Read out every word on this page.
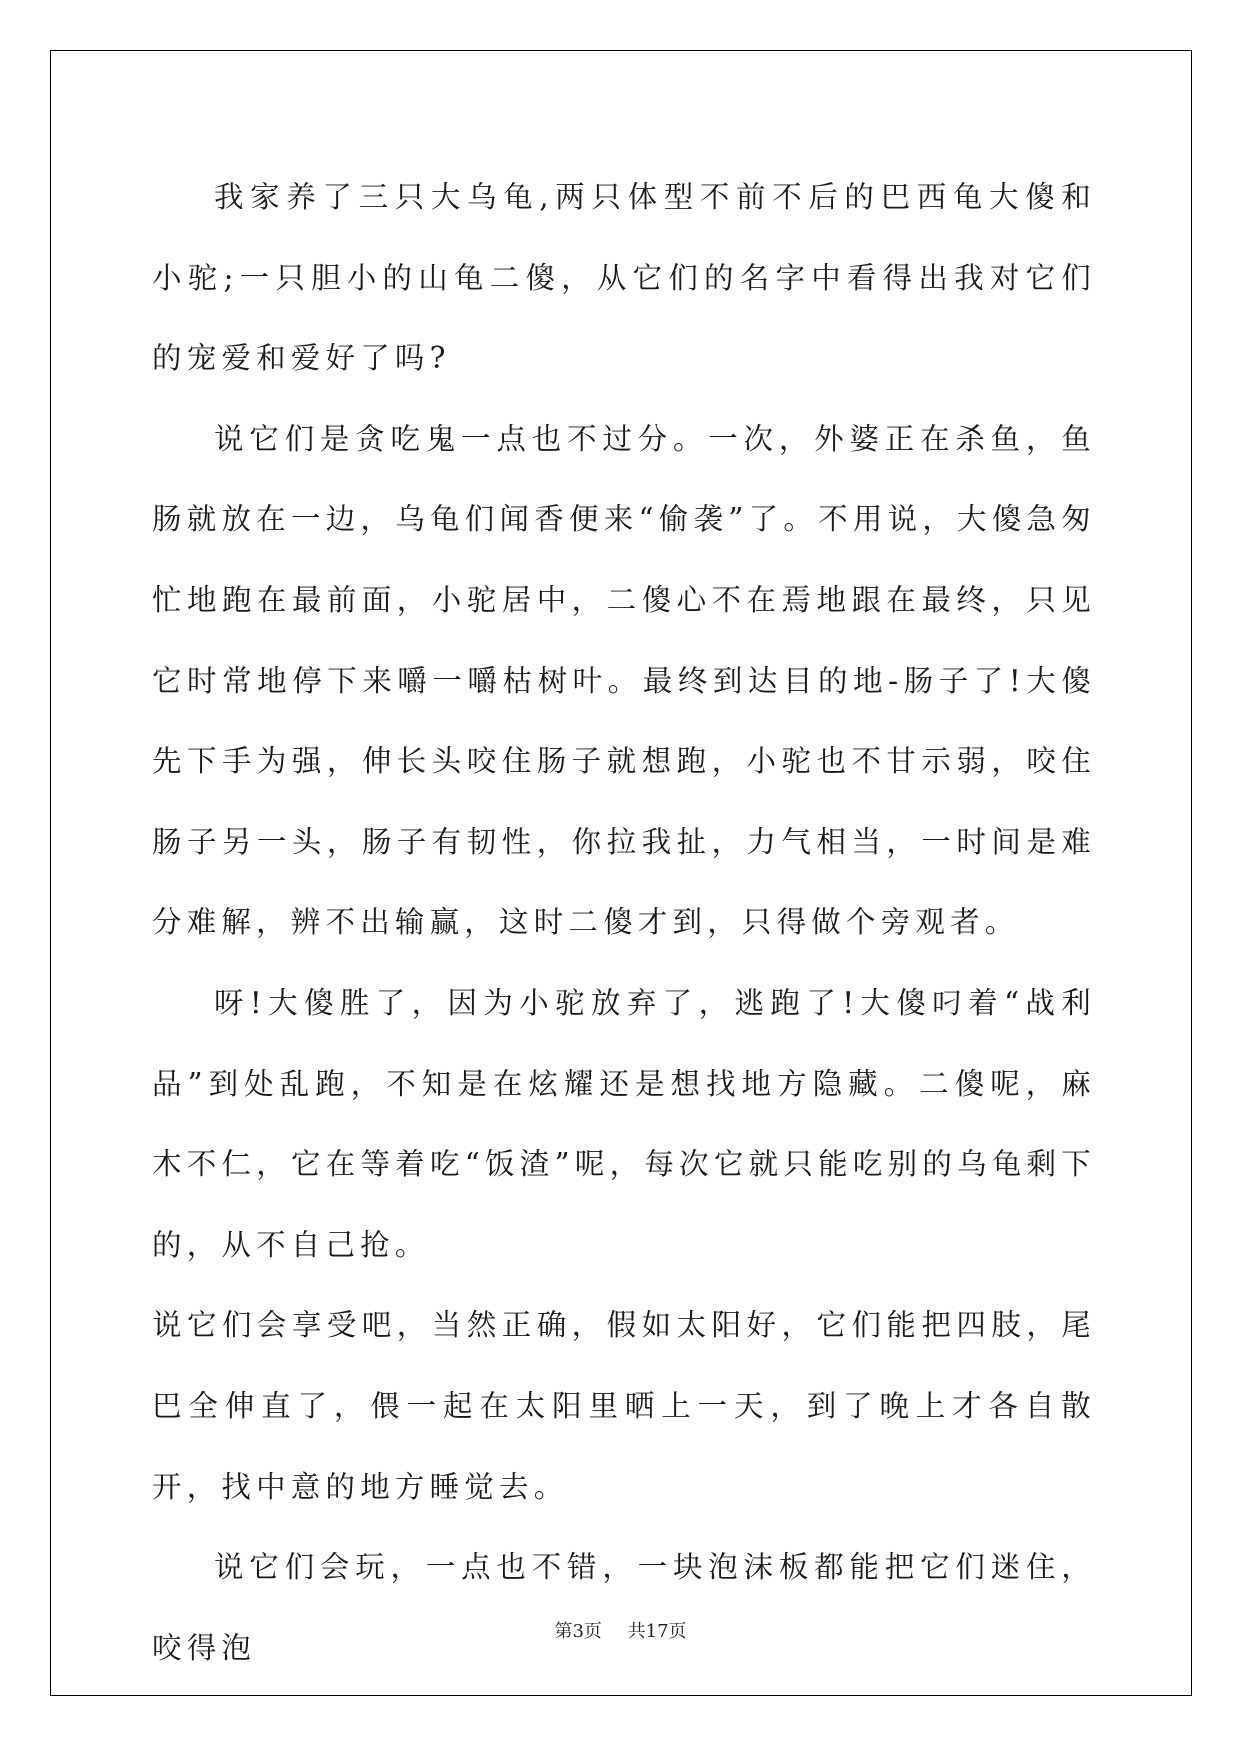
我家养了三只大乌龟,两只体型不前不后的巴西龟大傻和小驼;一只胆小的山龟二傻，从它们的名字中看得出我对它们的宠爱和爱好了吗?

说它们是贪吃鬼一点也不过分。一次，外婆正在杀鱼，鱼肠就放在一边，乌龟们闻香便来“偷袭”了。不用说，大傻急匆忙地跑在最前面，小驼居中，二傻心不在焉地跟在最终，只见它时常地停下来嚼一嚼枯树叶。最终到达目的地-肠子了!大傻先下手为强，伸长头咬住肠子就想跑，小驼也不甘示弱，咬住肠子另一头，肠子有韧性，你拉我扯，力气相当，一时间是难分难解，辨不出输赢，这时二傻才到，只得做个旁观者。

呀!大傻胜了，因为小驼放弃了，逃跑了!大傻叼着“战利品”到处乱跑，不知是在炫耀还是想找地方隐藏。二傻呢，麻木不仁，它在等着吃“饭渣”呢，每次它就只能吃别的乌龟剩下的，从不自己抢。

说它们会享受吧，当然正确，假如太阳好，它们能把四肢，尾巴全伸直了，偎一起在太阳里晒上一天，到了晚上才各自散开，找中意的地方睡觉去。

说它们会玩，一点也不错，一块泡沫板都能把它们迷住，咬得泡	第3页 共17页
